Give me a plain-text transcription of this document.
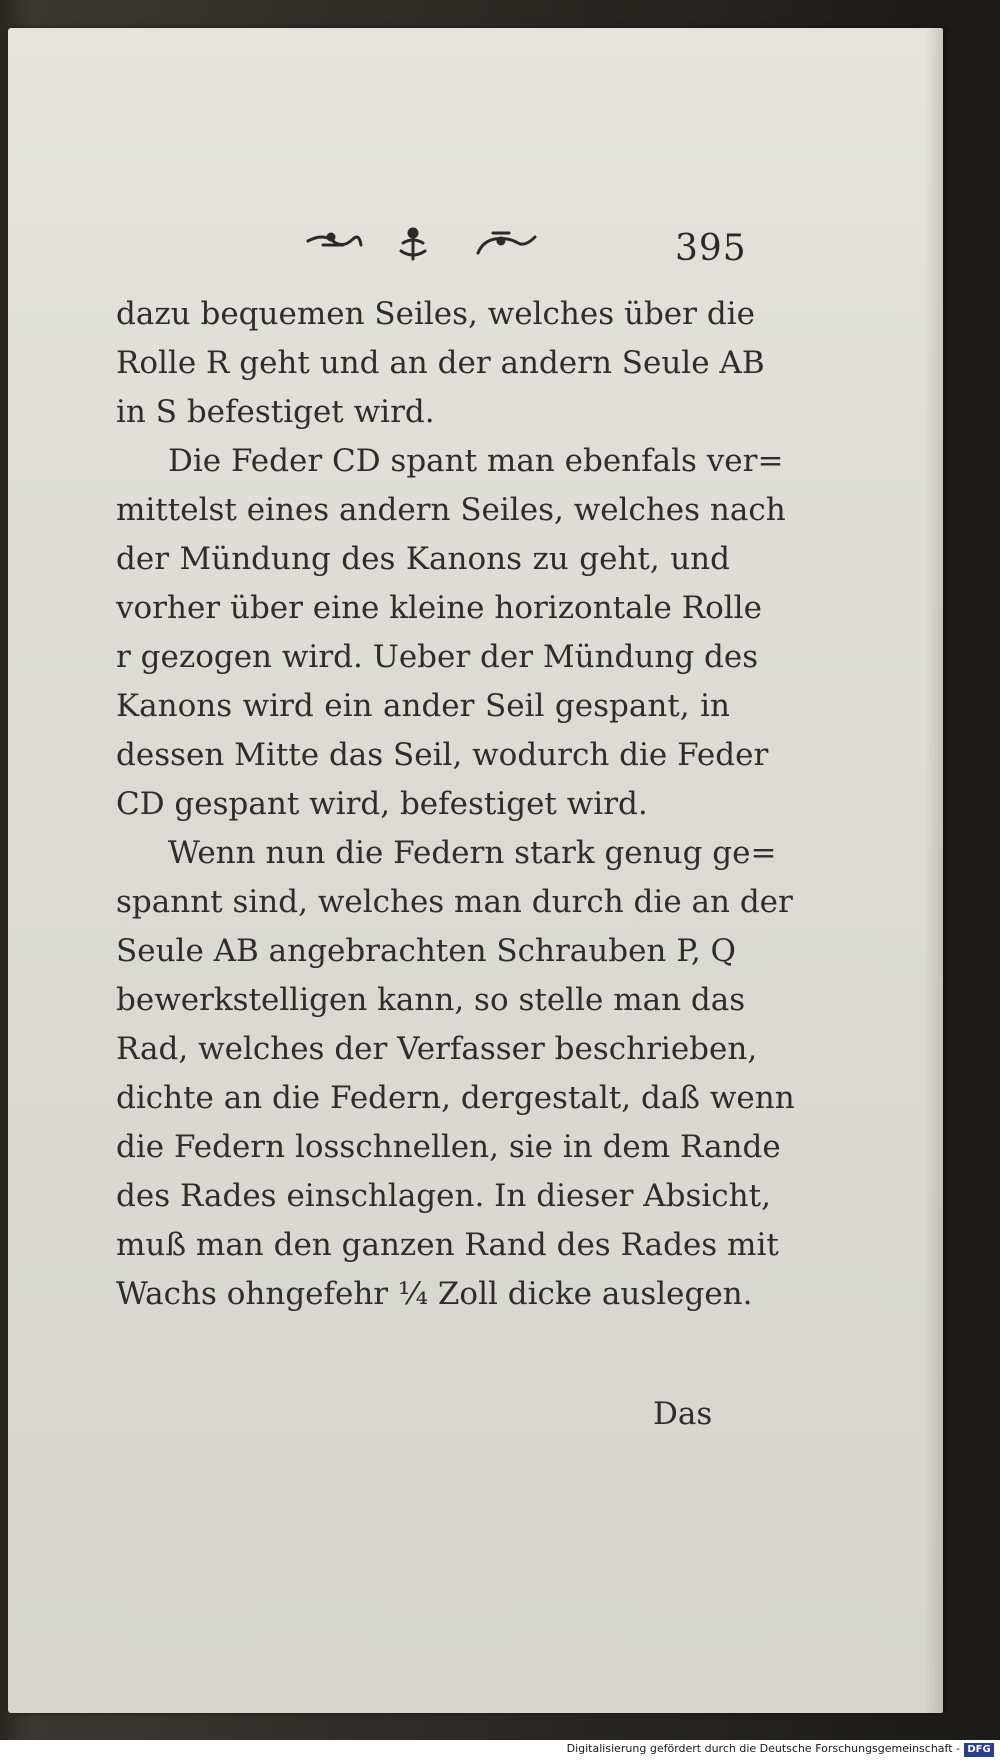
395
dazu bequemen Seiles, welches über die
Rolle R geht und an der andern Seule AB
in S befestiget wird.
Die Feder CD spant man ebenfals ver=
mittelst eines andern Seiles, welches nach
der Mündung des Kanons zu geht, und
vorher über eine kleine horizontale Rolle
r gezogen wird. Ueber der Mündung des
Kanons wird ein ander Seil gespant, in
dessen Mitte das Seil, wodurch die Feder
CD gespant wird, befestiget wird.
Wenn nun die Federn stark genug ge=
spannt sind, welches man durch die an der
Seule AB angebrachten Schrauben P, Q
bewerkstelligen kann, so stelle man das
Rad, welches der Verfasser beschrieben,
dichte an die Federn, dergestalt, daß wenn
die Federn losschnellen, sie in dem Rande
des Rades einschlagen. In dieser Absicht,
muß man den ganzen Rand des Rades mit
Wachs ohngefehr ¼ Zoll dicke auslegen.
Das
Digitalisierung gefördert durch die Deutsche Forschungsgemeinschaft - DFG
